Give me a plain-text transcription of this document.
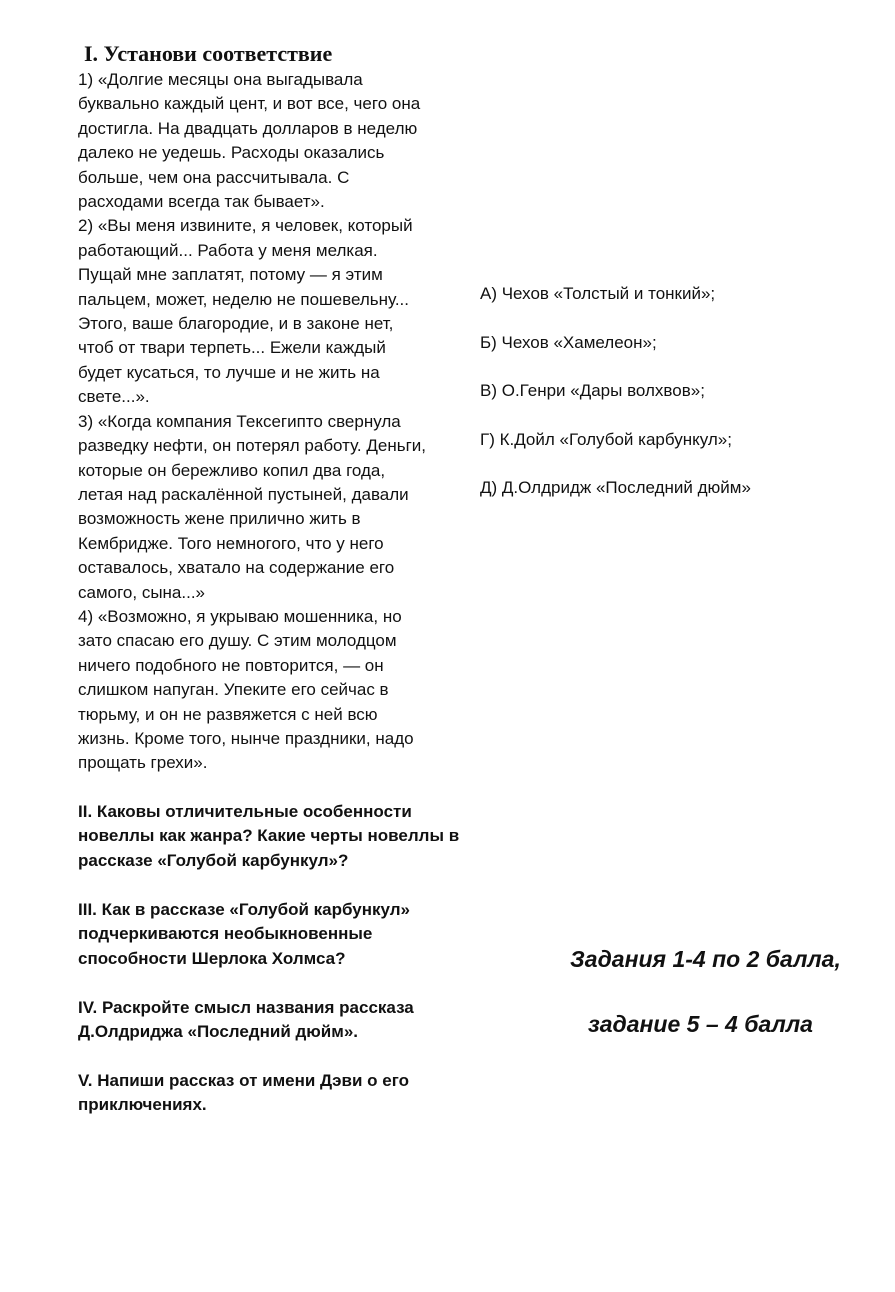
I. Установи соответствие

1) «Долгие месяцы она выгадывала
буквально каждый цент, и вот все, чего она
достигла. На двадцать долларов в неделю
далеко не уедешь. Расходы оказались
больше, чем она рассчитывала. С
расходами всегда так бывает».

2) «Вы меня извините, я человек, который
работающий... Работа у меня мелкая.
Пущай мне заплатят, потому — я этим
пальцем, может, неделю не пошевельну...
Этого, ваше благородие, и в законе нет,
чтоб от твари терпеть... Ежели каждый
будет кусаться, то лучше и не жить на
свете...».

3) «Когда компания Тексегипто свернула
разведку нефти, он потерял работу. Деньги,
которые он бережливо копил два года,
летая над раскалённой пустыней, давали
возможность жене прилично жить в
Кембридже. Того немногого, что у него
оставалось, хватало на содержание его
самого, сына...»

4) «Возможно, я укрываю мошенника, но
зато спасаю его душу. С этим молодцом
ничего подобного не повторится, — он
слишком напуган. Упеките его сейчас в
тюрьму, и он не развяжется с ней всю
жизнь. Кроме того, нынче праздники, надо
прощать грехи».

А) Чехов «Толстый и тонкий»;
Б) Чехов «Хамелеон»;
В) О.Генри «Дары волхвов»;
Г) К.Дойл «Голубой карбункул»;
Д) Д.Олдридж «Последний дюйм»

II. Каковы отличительные особенности
новеллы как жанра? Какие черты новеллы в
рассказе «Голубой карбункул»?

III. Как в рассказе «Голубой карбункул»
подчеркиваются необыкновенные
способности Шерлока Холмса?

IV. Раскройте смысл названия рассказа
Д.Олдриджа «Последний дюйм».

V. Напиши рассказ от имени Дэви о его
приключениях.

Задания 1-4 по 2 балла,

задание 5 – 4 балла
